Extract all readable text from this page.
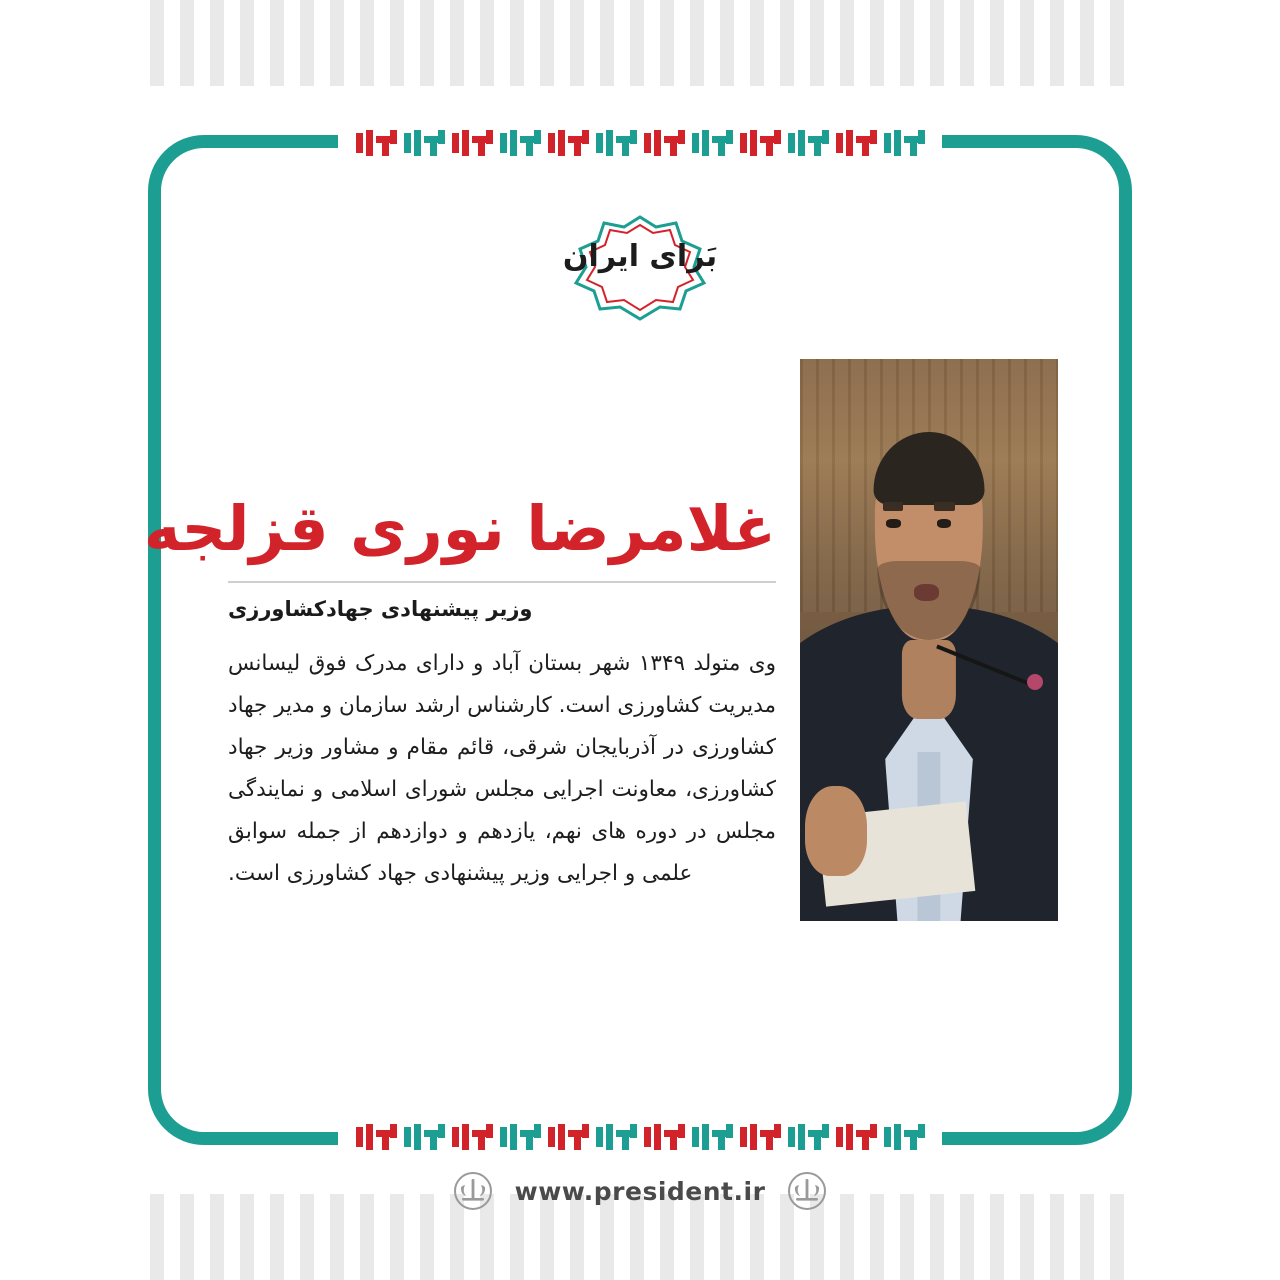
بَرای ایران
غلامرضا نوری قزلجه
وزیر پیشنهادی جهادکشاورزی
وی متولد ۱۳۴۹ شهر بستان آباد و دارای مدرک فوق لیسانس مدیریت کشاورزی است. کارشناس ارشد سازمان و مدیر جهاد کشاورزی در آذربایجان شرقی، قائم مقام و مشاور وزیر جهاد کشاورزی، معاونت اجرایی مجلس شورای اسلامی و نمایندگی مجلس در دوره های نهم، یازدهم و دوازدهم از جمله سوابق علمی و اجرایی وزیر پیشنهادی جهاد کشاورزی است.
www.president.ir
